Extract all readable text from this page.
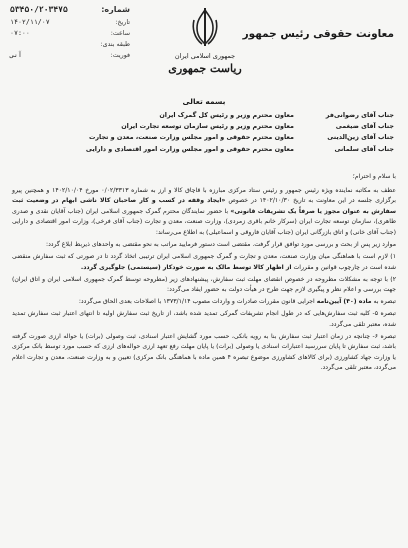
معاونت حقوقی رئیس جمهور
جمهوری اسلامی ایران
ریاست جمهوری
شماره:
۵۳۴۵۰/۲۰۳۴۷۵
تاریخ:
۱۴۰۲/۱۱/۰۷
ساعت:
۰۷:۰۰
طبقه بندی:
فوریت:
آنی
بسمه تعالی
جناب آقای رضوانی‌فر
معاون محترم وزیر و رئیس کل گمرک ایران
جناب آقای ضیغمی
معاون محترم وزیر و رئیس سازمان توسعه تجارت ایران
جناب آقای زین‌الدینی
معاون محترم حقوقی و امور مجلس وزارت صنعت، معدن و تجارت
جناب آقای سلمانی
معاون محترم حقوقی و امور مجلس وزارت امور اقتصادی و دارایی

با سلام و احترام؛

عطف به مکاتبه نماینده ویژه رئیس جمهور و رئیس ستاد مرکزی مبارزه با قاچاق کالا و ارز به شماره ۰/۰۲/۳۳۱۳ مورخ ۱۴۰۲/۱۰/۰۴ و همچنین پیرو برگزاری جلسه در این معاونت به تاریخ ۱۴۰۲/۱۰/۳۰ در خصوص «ایجاد وقفه در کسب و کار صاحبان کالا ناشی ابهام در وضعیت ثبت سفارش به عنوان مجوز یا صرفاً یک تشریفات قانونی» با حضور نمایندگان محترم گمرک جمهوری اسلامی ایران (جناب آقایان نقدی و صدری طاهری)، سازمان توسعه تجارت ایران (سرکار خانم باقری زمردی)، وزارت صنعت، معدن و تجارت (جناب آقای فرخی)، وزارت امور اقتصادی و دارایی (جناب آقای خانی) و اتاق بازرگانی ایران (جناب آقایان فاروقی و اسماعیلی) به اطلاع می‌رساند:

موارد زیر پس از بحث و بررسی مورد توافق قرار گرفت. مقتضی است دستور فرمایید مراتب به نحو مقتضی به واحدهای ذیربط ابلاغ گردد:

۱) لازم است با هماهنگی میان وزارت صنعت، معدن و تجارت و گمرک جمهوری اسلامی ایران ترتیبی اتخاذ گردد تا در صورتی که ثبت سفارش منقضی شده است در چارچوب قوانین و مقررات از اظهار کالا توسط مالک به صورت خودکار (سیستمی) جلوگیری گردد.

۲) با توجه به مشکلات مطروحه در خصوص انقضای مهلت ثبت سفارش، پیشنهادهای زیر (مطروحه توسط گمرک جمهوری اسلامی ایران و اتاق ایران) جهت بررسی و اعلام نظر و پیگیری لازم جهت طرح در هیأت دولت به حضور ایفاد می‌گردد:

تبصره به ماده (۴۰) آیین‌نامه اجرایی قانون مقررات صادرات و واردات مصوب ۱۳۷۳/۱/۱۴ با اصلاحات بعدی الحاق می‌گردد:

تبصره ۵- کلیه ثبت سفارش‌هایی که در طول انجام تشریفات گمرکی تمدید شده باشد، از تاریخ ثبت سفارش اولیه تا انتهای اعتبار ثبت سفارش تمدید شده، معتبر تلقی می‌گردد.

تبصره ۶- چنانچه در زمان اعتبار ثبت سفارش بنا به رویه بانکی، حسب مورد گشایش اعتبار اسنادی، ثبت وصولی (برات) یا حواله ارزی صورت گرفته باشد، ثبت سفارش تا پایان سررسید اعتبارات اسنادی یا وصولی (برات) یا پایان مهلت رفع تعهد ارزی حواله‌های ارزی که حسب مورد توسط بانک مرکزی یا وزارت جهاد کشاورزی (برای کالاهای کشاورزی موضوع تبصره ۴ همین ماده با هماهنگی بانک مرکزی) تعیین و به وزارت صنعت، معدن و تجارت اعلام می‌گردد، معتبر تلقی می‌گردد.
